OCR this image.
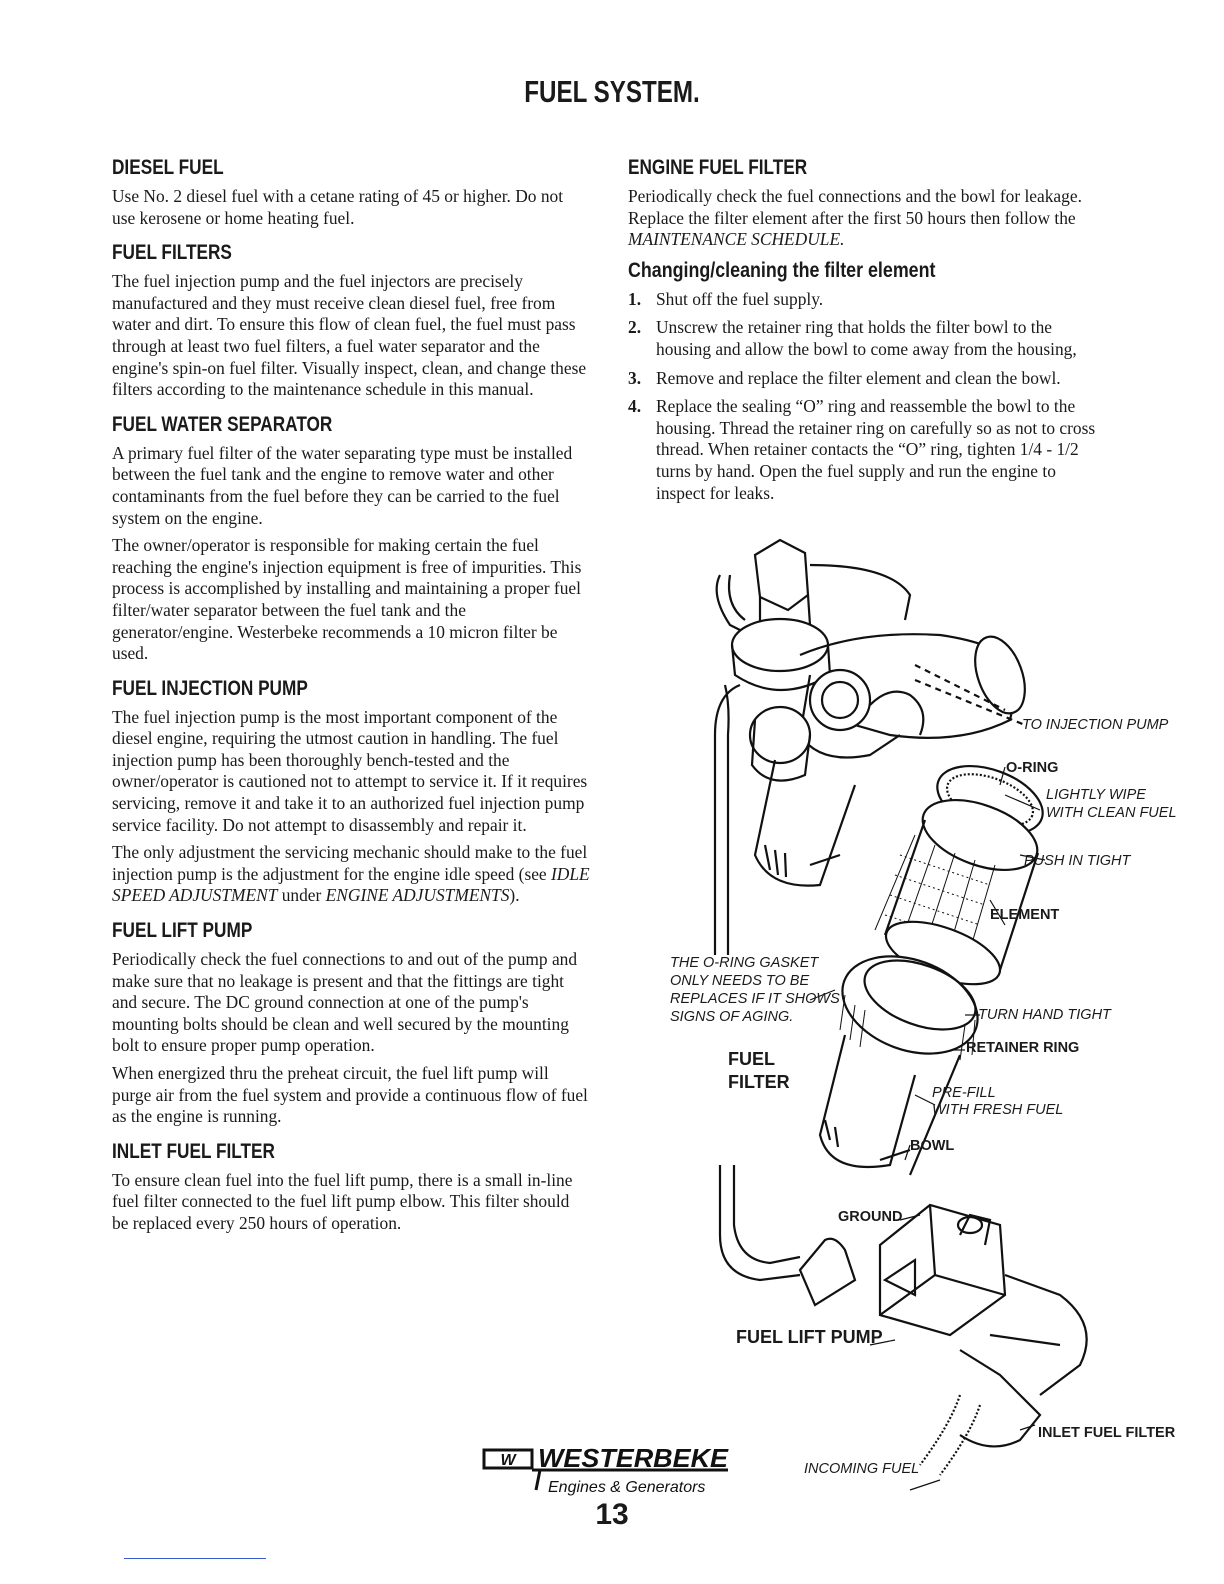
FUEL SYSTEM.
DIESEL FUEL

Use No. 2 diesel fuel with a cetane rating of 45 or higher. Do not use kerosene or home heating fuel.

FUEL FILTERS

The fuel injection pump and the fuel injectors are precisely manufactured and they must receive clean diesel fuel, free from water and dirt. To ensure this flow of clean fuel, the fuel must pass through at least two fuel filters, a fuel water separator and the engine's spin-on fuel filter. Visually inspect, clean, and change these filters according to the maintenance schedule in this manual.

FUEL WATER SEPARATOR

A primary fuel filter of the water separating type must be installed between the fuel tank and the engine to remove water and other contaminants from the fuel before they can be carried to the fuel system on the engine.

The owner/operator is responsible for making certain the fuel reaching the engine's injection equipment is free of impurities. This process is accomplished by installing and maintaining a proper fuel filter/water separator between the fuel tank and the generator/engine. Westerbeke recommends a 10 micron filter be used.

FUEL INJECTION PUMP

The fuel injection pump is the most important component of the diesel engine, requiring the utmost caution in handling. The fuel injection pump has been thoroughly bench-tested and the owner/operator is cautioned not to attempt to service it. If it requires servicing, remove it and take it to an authorized fuel injection pump service facility. Do not attempt to disassembly and repair it.

The only adjustment the servicing mechanic should make to the fuel injection pump is the adjustment for the engine idle speed (see IDLE SPEED ADJUSTMENT under ENGINE ADJUSTMENTS).

FUEL LIFT PUMP

Periodically check the fuel connections to and out of the pump and make sure that no leakage is present and that the fittings are tight and secure. The DC ground connection at one of the pump's mounting bolts should be clean and well secured by the mounting bolt to ensure proper pump operation.

When energized thru the preheat circuit, the fuel lift pump will purge air from the fuel system and provide a continuous flow of fuel as the engine is running.

INLET FUEL FILTER

To ensure clean fuel into the fuel lift pump, there is a small in-line fuel filter connected to the fuel lift pump elbow. This filter should be replaced every 250 hours of operation.

ENGINE FUEL FILTER

Periodically check the fuel connections and the bowl for leakage. Replace the filter element after the first 50 hours then follow the MAINTENANCE SCHEDULE.

Changing/cleaning the filter element
1. Shut off the fuel supply.
2. Unscrew the retainer ring that holds the filter bowl to the housing and allow the bowl to come away from the housing,
3. Remove and replace the filter element and clean the bowl.
4. Replace the sealing “O” ring and reassemble the bowl to the housing. Thread the retainer ring on carefully so as not to cross thread. When retainer contacts the “O” ring, tighten 1/4 - 1/2 turns by hand. Open the fuel supply and run the engine to inspect for leaks.
TO INJECTION PUMP
O-RING
LIGHTLY WIPE
WITH CLEAN FUEL
PUSH IN TIGHT
ELEMENT
THE O-RING GASKET
ONLY NEEDS TO BE
REPLACES IF IT SHOWS
SIGNS OF AGING.	TURN HAND TIGHT
RETAINER RING
FUEL
FILTER
PRE-FILL
WITH FRESH FUEL
BOWL
GROUND
FUEL LIFT PUMP
INLET FUEL FILTER
INCOMING FUEL
W WESTERBEKE
Engines & Generators
13
